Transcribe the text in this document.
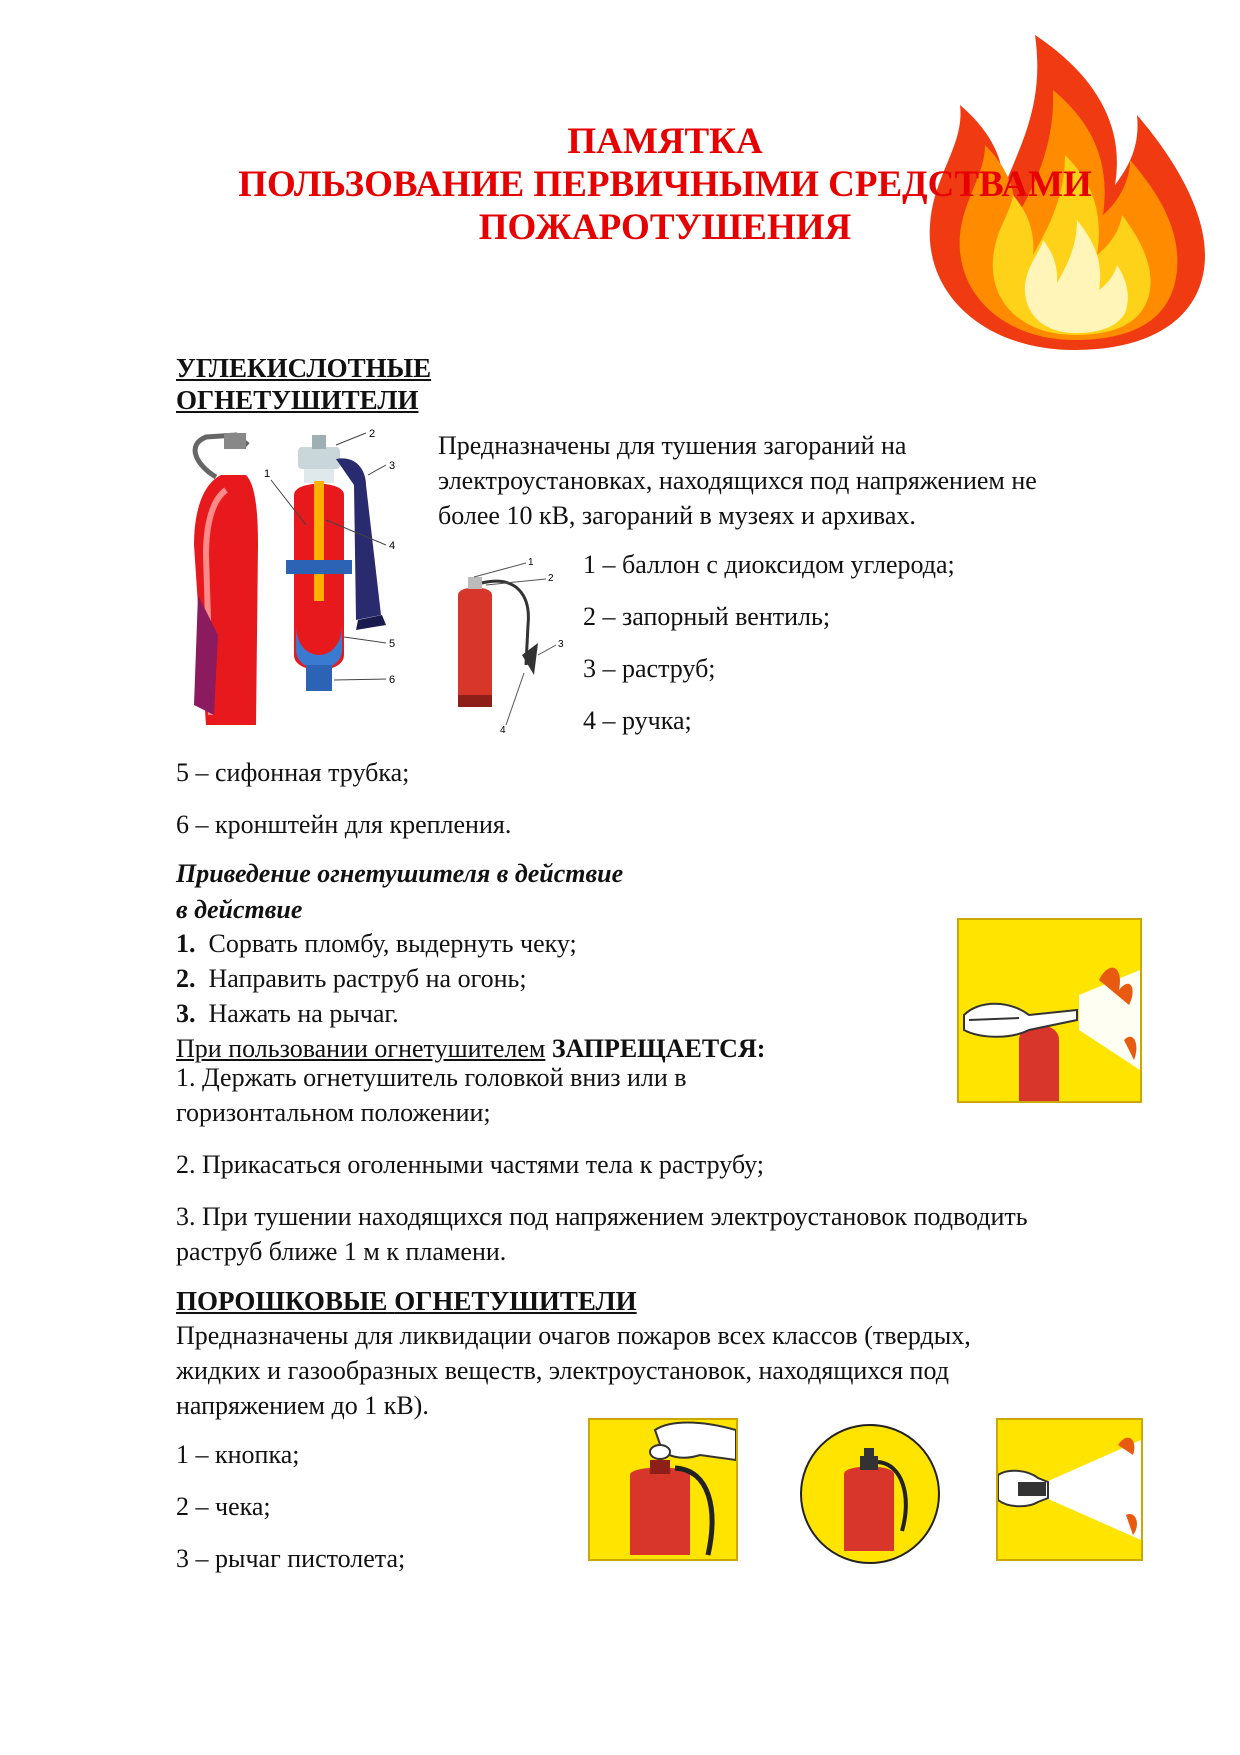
ПАМЯТКА
ПОЛЬЗОВАНИЕ ПЕРВИЧНЫМИ СРЕДСТВАМИ
ПОЖАРОТУШЕНИЯ
УГЛЕКИСЛОТНЫЕ
ОГНЕТУШИТЕЛИ
1
2
3
4
5
6
1
2
3
4
Предназначены для тушения загораний на
электроустановках, находящихся под напряжением не
более 10 кВ, загораний в музеях и архивах.
1 – баллон с диоксидом углерода;
2 – запорный вентиль;
3 – раструб;
4 – ручка;
5 – сифонная трубка;
6 – кронштейн для крепления.
Приведение огнетушителя в действие
в действие
1. Сорвать пломбу, выдернуть чеку;
2. Направить раструб на огонь;
3. Нажать на рычаг.
При пользовании огнетушителем ЗАПРЕЩАЕТСЯ:
1. Держать огнетушитель головкой вниз или в
горизонтальном положении;
2. Прикасаться оголенными частями тела к раструбу;
3. При тушении находящихся под напряжением электроустановок подводить
раструб ближе 1 м к пламени.
ПОРОШКОВЫЕ ОГНЕТУШИТЕЛИ
Предназначены для ликвидации очагов пожаров всех классов (твердых,
жидких и газообразных веществ, электроустановок, находящихся под
напряжением до 1 кВ).
1 – кнопка;
2 – чека;
3 – рычаг пистолета;
